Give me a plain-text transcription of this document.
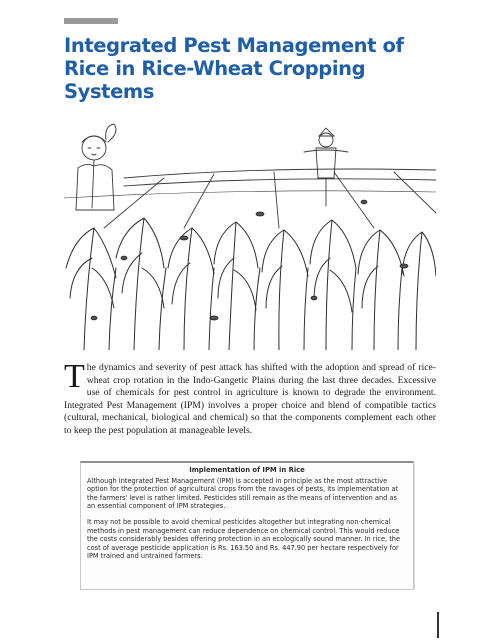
Integrated Pest Management of
Rice in Rice-Wheat Cropping
Systems
The dynamics and severity of pest attack has shifted with the adoption and spread of rice-wheat crop rotation in the Indo-Gangetic Plains during the last three decades. Excessive use of chemicals for pest control in agriculture is known to degrade the environment. Integrated Pest Management (IPM) involves a proper choice and blend of compatible tactics (cultural, mechanical, biological and chemical) so that the components complement each other to keep the pest population at manageable levels.
Implementation of IPM in Rice

Although Integrated Pest Management (IPM) is accepted in principle as the most attractive option for the protection of agricultural crops from the ravages of pests, its implementation at the farmers' level is rather limited. Pesticides still remain as the means of intervention and as an essential component of IPM strategies.

It may not be possible to avoid chemical pesticides altogether but integrating non-chemical methods in pest management can reduce dependence on chemical control. This would reduce the costs considerably besides offering protection in an ecologically sound manner. In rice, the cost of average pesticide application is Rs. 163.50 and Rs. 447.90 per hectare respectively for IPM trained and untrained farmers.
